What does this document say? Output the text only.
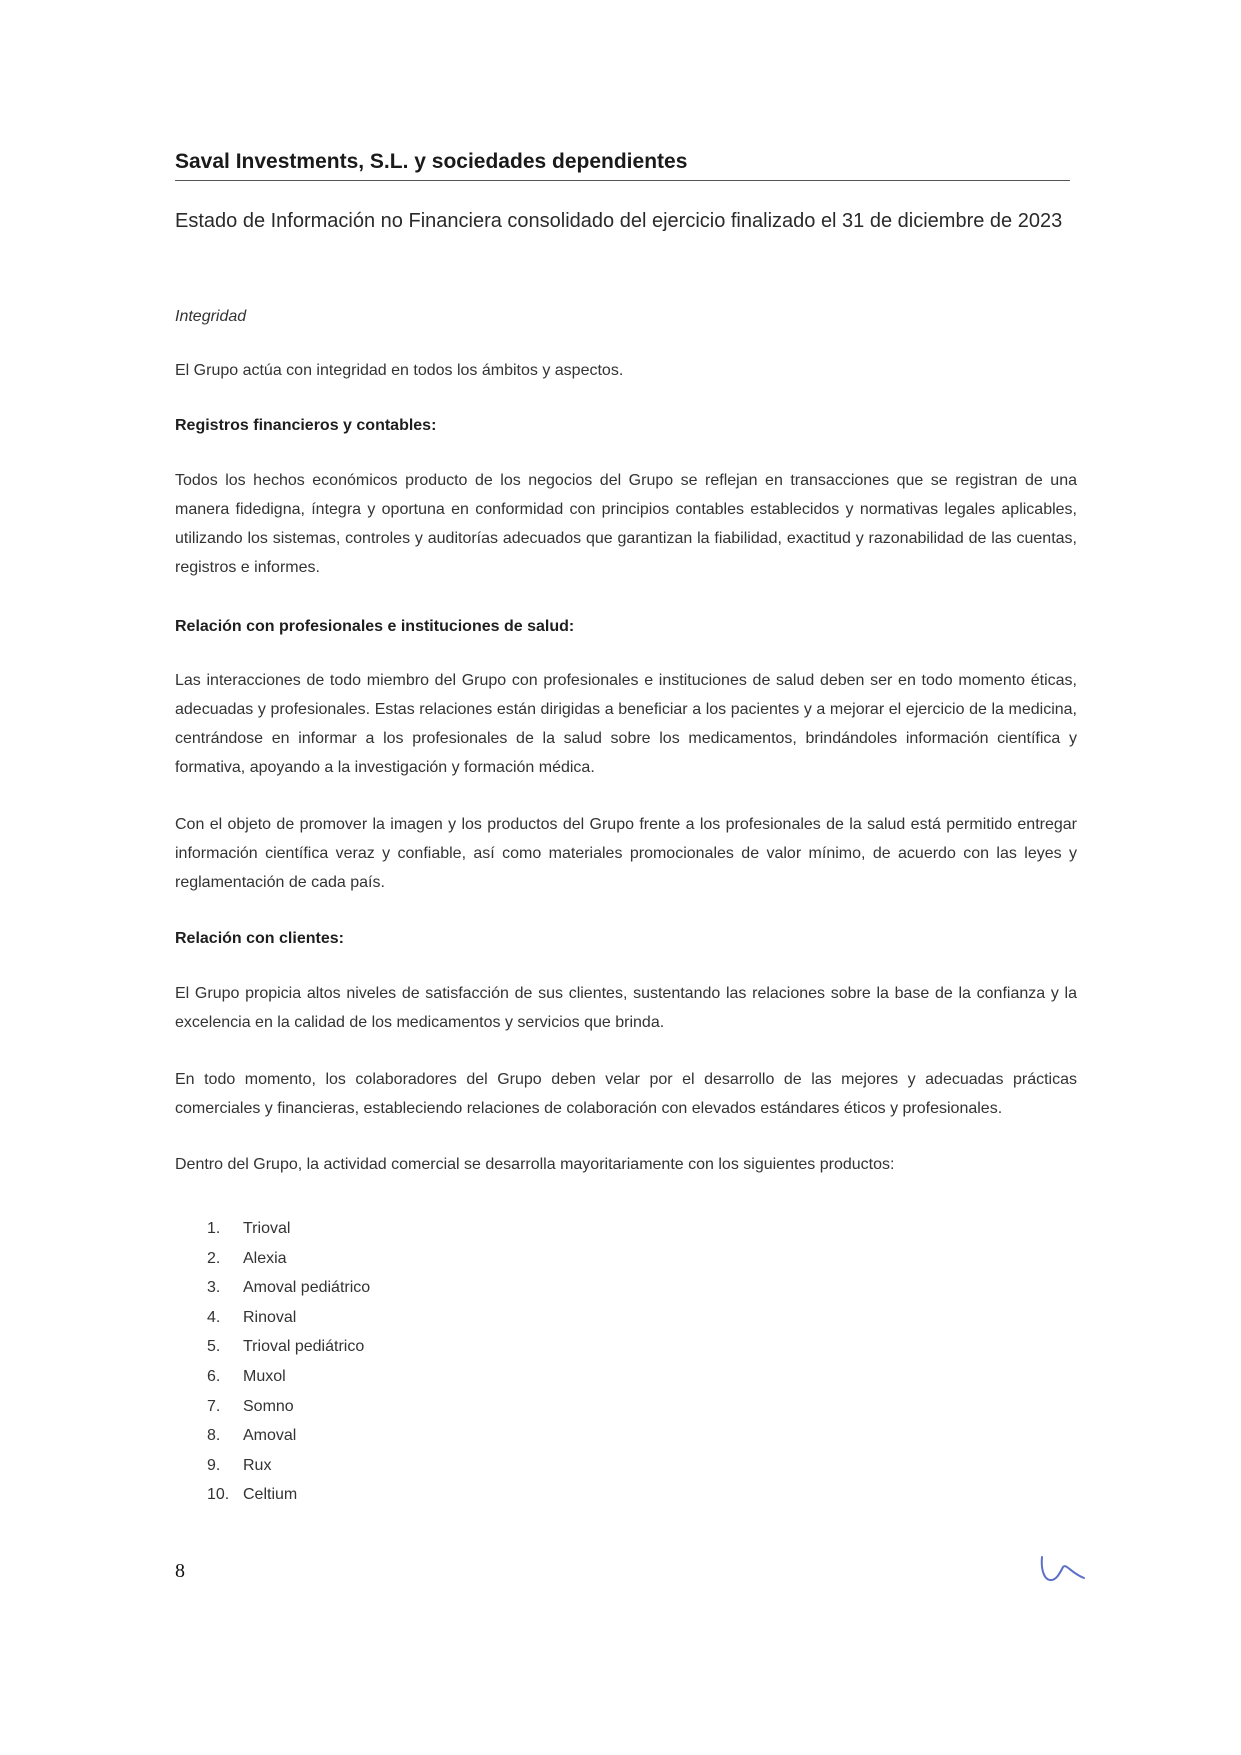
Saval Investments, S.L. y sociedades dependientes
Estado de Información no Financiera consolidado del ejercicio finalizado el 31 de diciembre de 2023
Integridad
El Grupo actúa con integridad en todos los ámbitos y aspectos.
Registros financieros y contables:
Todos los hechos económicos producto de los negocios del Grupo se reflejan en transacciones que se registran de una manera fidedigna, íntegra y oportuna en conformidad con principios contables establecidos y normativas legales aplicables, utilizando los sistemas, controles y auditorías adecuados que garantizan la fiabilidad, exactitud y razonabilidad de las cuentas, registros e informes.
Relación con profesionales e instituciones de salud:
Las interacciones de todo miembro del Grupo con profesionales e instituciones de salud deben ser en todo momento éticas, adecuadas y profesionales. Estas relaciones están dirigidas a beneficiar a los pacientes y a mejorar el ejercicio de la medicina, centrándose en informar a los profesionales de la salud sobre los medicamentos, brindándoles información científica y formativa, apoyando a la investigación y formación médica.
Con el objeto de promover la imagen y los productos del Grupo frente a los profesionales de la salud está permitido entregar información científica veraz y confiable, así como materiales promocionales de valor mínimo, de acuerdo con las leyes y reglamentación de cada país.
Relación con clientes:
El Grupo propicia altos niveles de satisfacción de sus clientes, sustentando las relaciones sobre la base de la confianza y la excelencia en la calidad de los medicamentos y servicios que brinda.
En todo momento, los colaboradores del Grupo deben velar por el desarrollo de las mejores y adecuadas prácticas comerciales y financieras, estableciendo relaciones de colaboración con elevados estándares éticos y profesionales.
Dentro del Grupo, la actividad comercial se desarrolla mayoritariamente con los siguientes productos:
1.	Trioval
2.	Alexia
3.	Amoval pediátrico
4.	Rinoval
5.	Trioval pediátrico
6.	Muxol
7.	Somno
8.	Amoval
9.	Rux
10. Celtium
8
